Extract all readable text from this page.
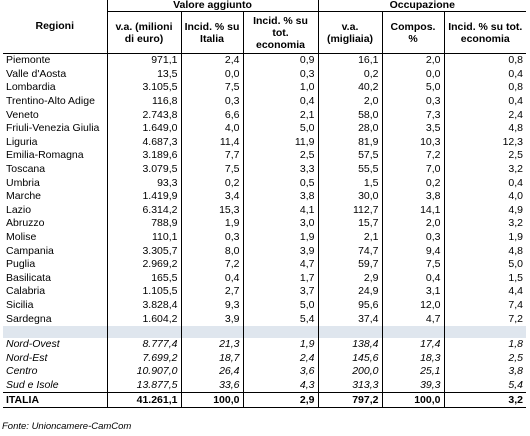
Regioni	Valore aggiunto			Occupazione		
	v.a. (milioni di euro)	Incid. % su Italia	Incid. % su tot. economia	v.a. (migliaia)	Compos. %	Incid. % su tot. economia
Piemonte	971,1	2,4	0,9	16,1	2,0	0,8
Valle d'Aosta	13,5	0,0	0,3	0,2	0,0	0,4
Lombardia	3.105,5	7,5	1,0	40,2	5,0	0,8
Trentino-Alto Adige	116,8	0,3	0,4	2,0	0,3	0,4
Veneto	2.743,8	6,6	2,1	58,0	7,3	2,4
Friuli-Venezia Giulia	1.649,0	4,0	5,0	28,0	3,5	4,8
Liguria	4.687,3	11,4	11,9	81,9	10,3	12,3
Emilia-Romagna	3.189,6	7,7	2,5	57,5	7,2	2,5
Toscana	3.079,5	7,5	3,3	55,5	7,0	3,2
Umbria	93,3	0,2	0,5	1,5	0,2	0,4
Marche	1.419,9	3,4	3,8	30,0	3,8	4,0
Lazio	6.314,2	15,3	4,1	112,7	14,1	4,9
Abruzzo	788,9	1,9	3,0	15,7	2,0	3,2
Molise	110,1	0,3	1,9	2,1	0,3	1,9
Campania	3.305,7	8,0	3,9	74,7	9,4	4,8
Puglia	2.969,2	7,2	4,7	59,7	7,5	5,0
Basilicata	165,5	0,4	1,7	2,9	0,4	1,5
Calabria	1.105,5	2,7	3,7	24,9	3,1	4,4
Sicilia	3.828,4	9,3	5,0	95,6	12,0	7,4
Sardegna	1.604,2	3,9	5,4	37,4	4,7	7,2

Nord-Ovest	8.777,4	21,3	1,9	138,4	17,4	1,8
Nord-Est	7.699,2	18,7	2,4	145,6	18,3	2,5
Centro	10.907,0	26,4	3,6	200,0	25,1	3,8
Sud e Isole	13.877,5	33,6	4,3	313,3	39,3	5,4
ITALIA	41.261,1	100,0	2,9	797,2	100,0	3,2
Fonte: Unioncamere-CamCom
